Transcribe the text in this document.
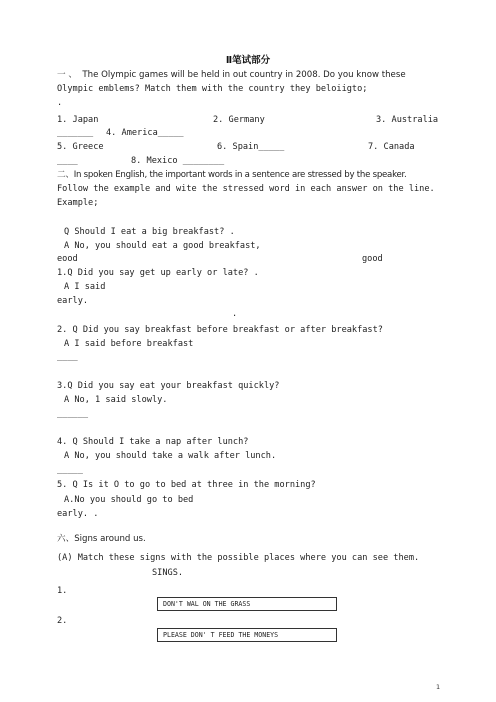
Ⅱ笔试部分
一 、  The Olympic games will be held in out country in 2008. Do you know these
Olympic emblems? Match them with the country they beloiigto;
.
1. Japan	2. Germany	3. Australia
_______ 4. America_____
5. Greece	6. Spain_____	7. Canada
____	8. Mexico ________
二、In spoken English, the important words in a sentence are stressed by the speaker.
Follow the example and wite the stressed word in each answer on the line.
Example;
Q Should I eat a big breakfast? .
A No, you should eat a good breakfast,
eood	good
1.Q Did you say get up early or late? .
A I said
early.
.
2. Q Did you say breakfast before breakfast or after breakfast?
A I said before breakfast
____
3.Q Did you say eat your breakfast quickly?
A No, 1 said slowly.
______
4. Q Should I take a nap after lunch?
A No, you should take a walk after lunch.
_____
5. Q Is it O to go to bed at three in the morning?
A.No you should go to bed
early. .
六、Signs around us.
(A) Match these signs with the possible places where you can see them.
SINGS.
1.
DON'T WAL ON THE GRASS
2.
PLEASE DON' T FEED THE MONEYS
1
